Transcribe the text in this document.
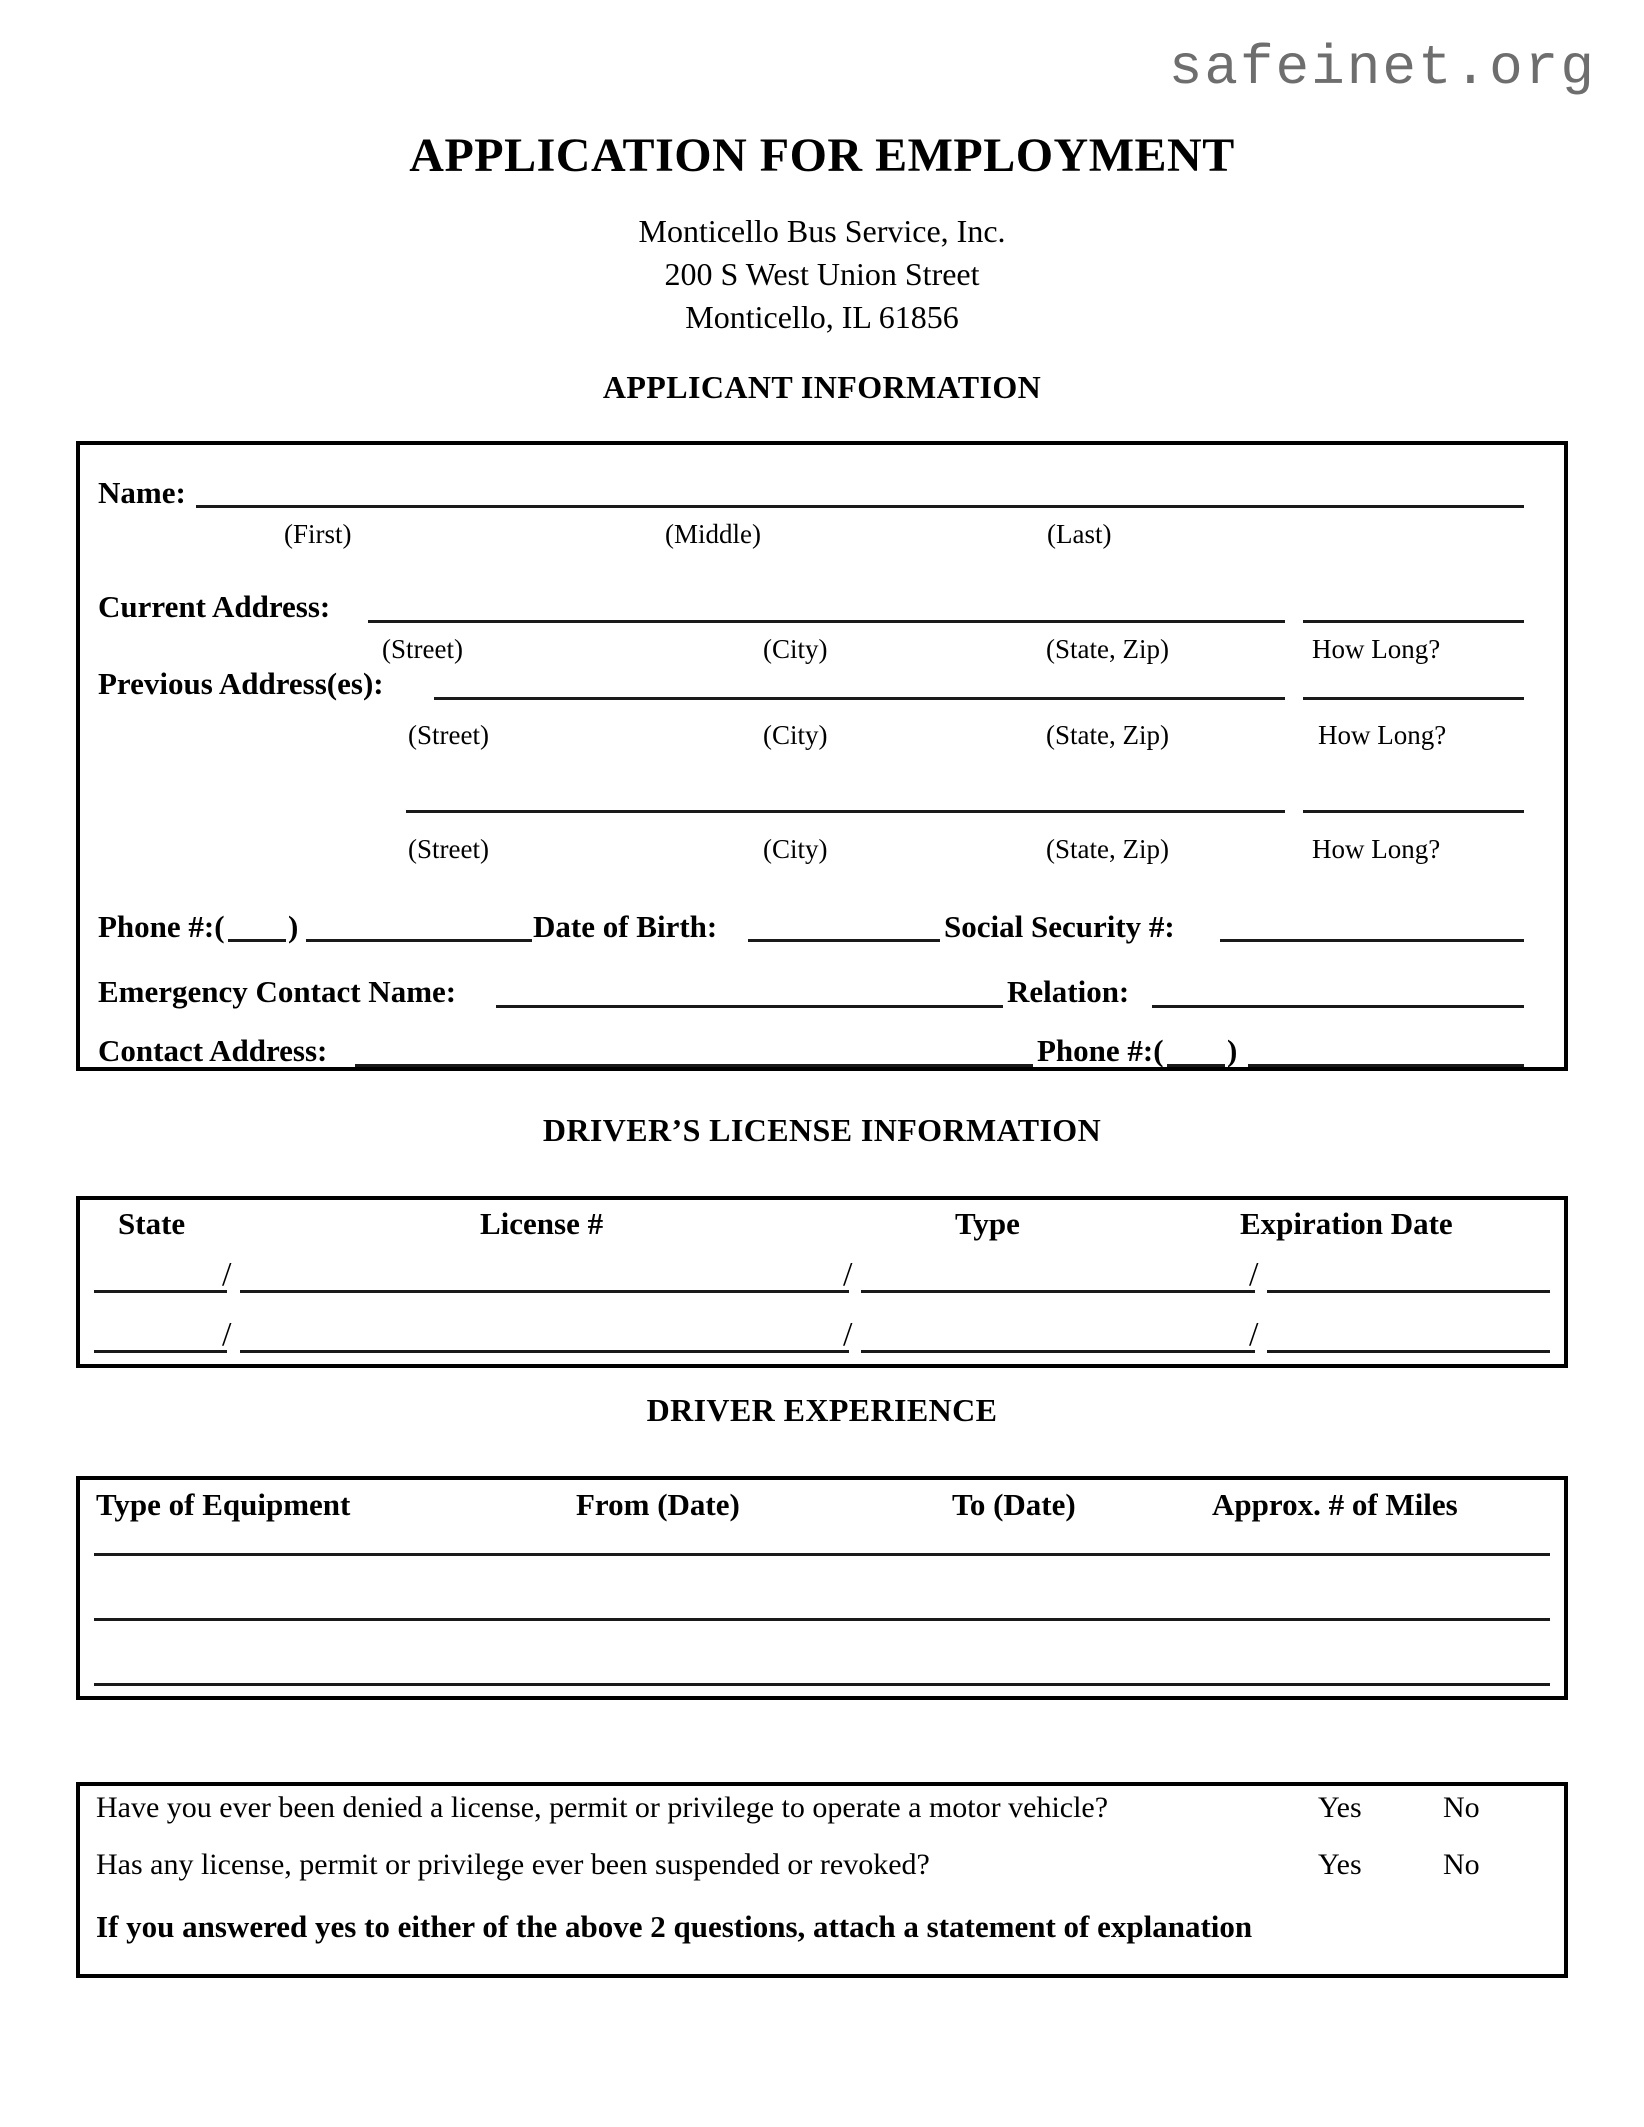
safeinet.org
APPLICATION FOR EMPLOYMENT
Monticello Bus Service, Inc.
200 S West Union Street
Monticello, IL 61856
APPLICANT INFORMATION
Name:
(First)	(Middle)	(Last)
Current Address:
(Street)	(City)	(State, Zip)	How Long?
Previous Address(es):
(Street)	(City)	(State, Zip)	How Long?
(Street)	(City)	(State, Zip)	How Long?
Phone #:( )	Date of Birth:	Social Security #:
Emergency Contact Name:	Relation:
Contact Address:	Phone #:( )
DRIVER’S LICENSE INFORMATION
State	License #	Type	Expiration Date
/	/	/
/	/	/
DRIVER EXPERIENCE
Type of Equipment	From (Date)	To (Date)	Approx. # of Miles
Have you ever been denied a license, permit or privilege to operate a motor vehicle?	Yes	No
Has any license, permit or privilege ever been suspended or revoked?	Yes	No
If you answered yes to either of the above 2 questions, attach a statement of explanation
